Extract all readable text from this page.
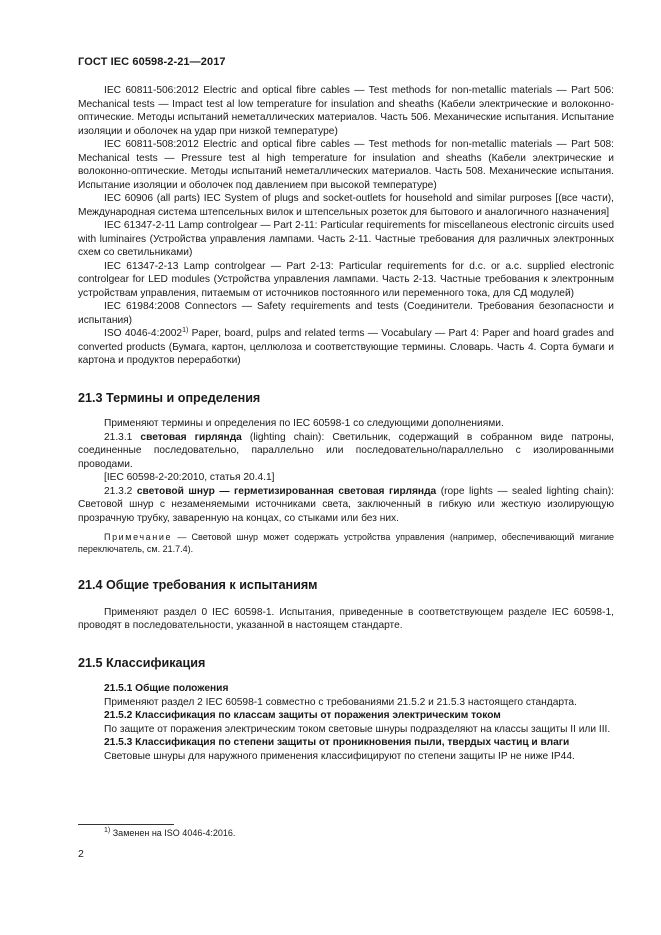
ГОСТ IEC 60598-2-21—2017

IEC 60811-506:2012 Electric and optical fibre cables — Test methods for non-metallic materials — Part 506: Mechanical tests — Impact test al low temperature for insulation and sheaths (Кабели электрические и волоконно-оптические. Методы испытаний неметаллических материалов. Часть 506. Механические испытания. Испытание изоляции и оболочек на удар при низкой температуре)

IEC 60811-508:2012 Electric and optical fibre cables — Test methods for non-metallic materials — Part 508: Mechanical tests — Pressure test al high temperature for insulation and sheaths (Кабели электрические и волоконно-оптические. Методы испытаний неметаллических материалов. Часть 508. Механические испытания. Испытание изоляции и оболочек под давлением при высокой температуре)

IEC 60906 (all parts) IEC System of plugs and socket-outlets for household and similar purposes [(все части), Международная система штепсельных вилок и штепсельных розеток для бытового и аналогичного назначения]

IEC 61347-2-11 Lamp controlgear — Part 2-11: Particular requirements for miscellaneous electronic circuits used with luminaires (Устройства управления лампами. Часть 2-11. Частные требования для различных электронных схем со светильниками)

IEC 61347-2-13 Lamp controlgear — Part 2-13: Particular requirements for d.c. or a.c. supplied electronic controlgear for LED modules (Устройства управления лампами. Часть 2-13. Частные требования к электронным устройствам управления, питаемым от источников постоянного или переменного тока, для СД модулей)

IEC 61984:2008 Connectors — Safety requirements and tests (Соединители. Требования безопасности и испытания)

ISO 4046-4:2002$^{1)}$ Paper, board, pulps and related terms — Vocabulary — Part 4: Paper and hoard grades and converted products (Бумага, картон, целлюлоза и соответствующие термины. Словарь. Часть 4. Сорта бумаги и картона и продуктов переработки)

21.3 Термины и определения

Применяют термины и определения по IEC 60598-1 со следующими дополнениями.

21.3.1 световая гирлянда (lighting chain): Светильник, содержащий в собранном виде патроны, соединенные последовательно, параллельно или последовательно/параллельно с изолированными проводами.

[IEC 60598-2-20:2010, статья 20.4.1]

21.3.2 световой шнур — герметизированная световая гирлянда (rope lights — sealed lighting chain): Световой шнур с незаменяемыми источниками света, заключенный в гибкую или жесткую изолирующую прозрачную трубку, заваренную на концах, со стыками или без них.

Примечание — Световой шнур может содержать устройства управления (например, обеспечивающий мигание переключатель, см. 21.7.4).

21.4 Общие требования к испытаниям

Применяют раздел 0 IEC 60598-1. Испытания, приведенные в соответствующем разделе IEC 60598-1, проводят в последовательности, указанной в настоящем стандарте.

21.5 Классификация

21.5.1 Общие положения

Применяют раздел 2 IEC 60598-1 совместно с требованиями 21.5.2 и 21.5.3 настоящего стандарта.

21.5.2 Классификация по классам защиты от поражения электрическим током

По защите от поражения электрическим током световые шнуры подразделяют на классы защиты II или III.

21.5.3 Классификация по степени защиты от проникновения пыли, твердых частиц и влаги

Световые шнуры для наружного применения классифицируют по степени защиты IP не ниже IP44.

$^{1)}$ Заменен на ISO 4046-4:2016.
2
